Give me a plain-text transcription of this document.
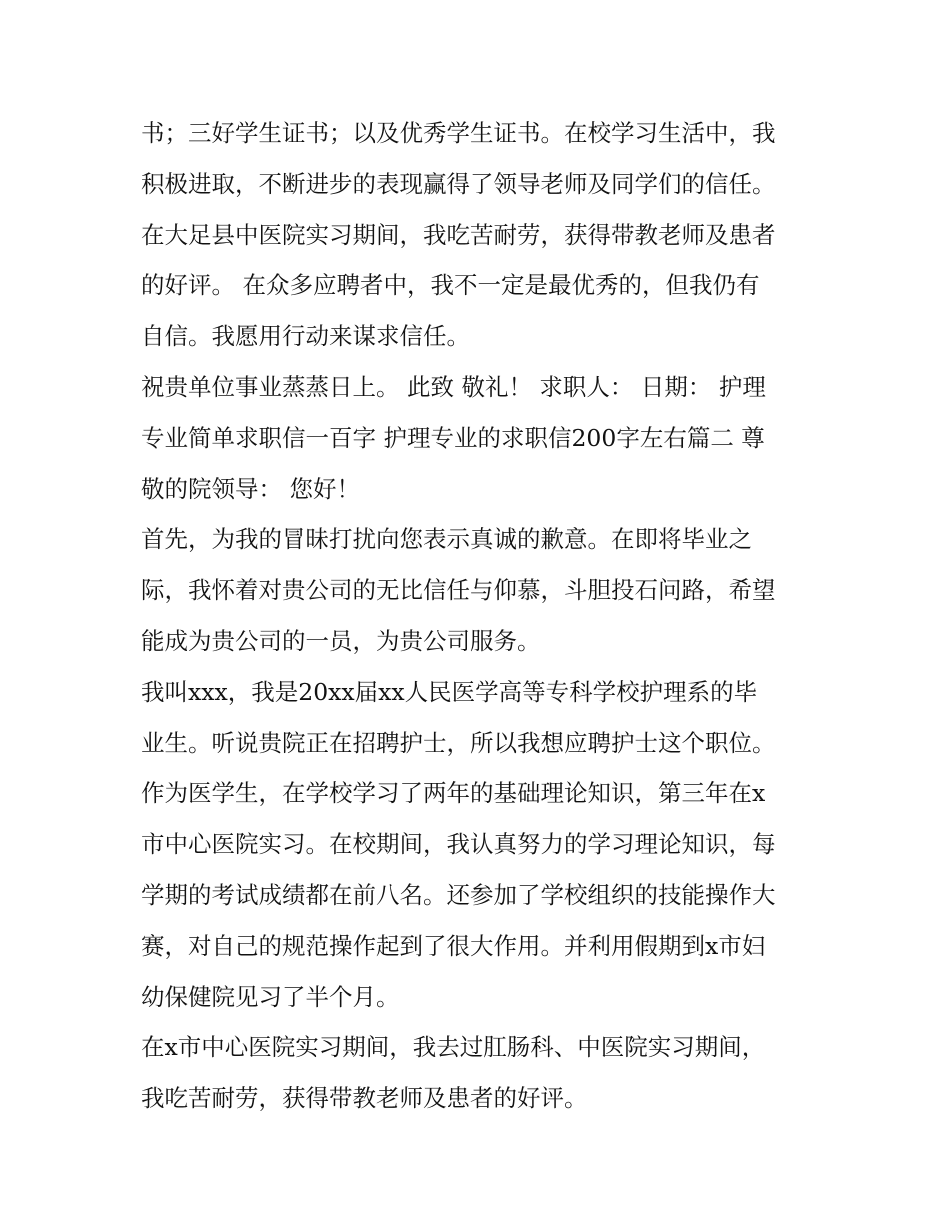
书；三好学生证书；以及优秀学生证书。在校学习生活中，我
积极进取，不断进步的表现赢得了领导老师及同学们的信任。
在大足县中医院实习期间，我吃苦耐劳，获得带教老师及患者
的好评。 在众多应聘者中，我不一定是最优秀的，但我仍有
自信。我愿用行动来谋求信任。

祝贵单位事业蒸蒸日上。 此致 敬礼！ 求职人： 日期： 护理
专业简单求职信一百字 护理专业的求职信200字左右篇二 尊
敬的院领导： 您好！

首先，为我的冒昧打扰向您表示真诚的歉意。在即将毕业之
际，我怀着对贵公司的无比信任与仰慕，斗胆投石问路，希望
能成为贵公司的一员，为贵公司服务。

我叫xxx，我是20xx届xx人民医学高等专科学校护理系的毕
业生。听说贵院正在招聘护士，所以我想应聘护士这个职位。
作为医学生，在学校学习了两年的基础理论知识，第三年在x
市中心医院实习。在校期间，我认真努力的学习理论知识，每
学期的考试成绩都在前八名。还参加了学校组织的技能操作大
赛，对自己的规范操作起到了很大作用。并利用假期到x市妇
幼保健院见习了半个月。

在x市中心医院实习期间，我去过肛肠科、中医院实习期间，
我吃苦耐劳，获得带教老师及患者的好评。
